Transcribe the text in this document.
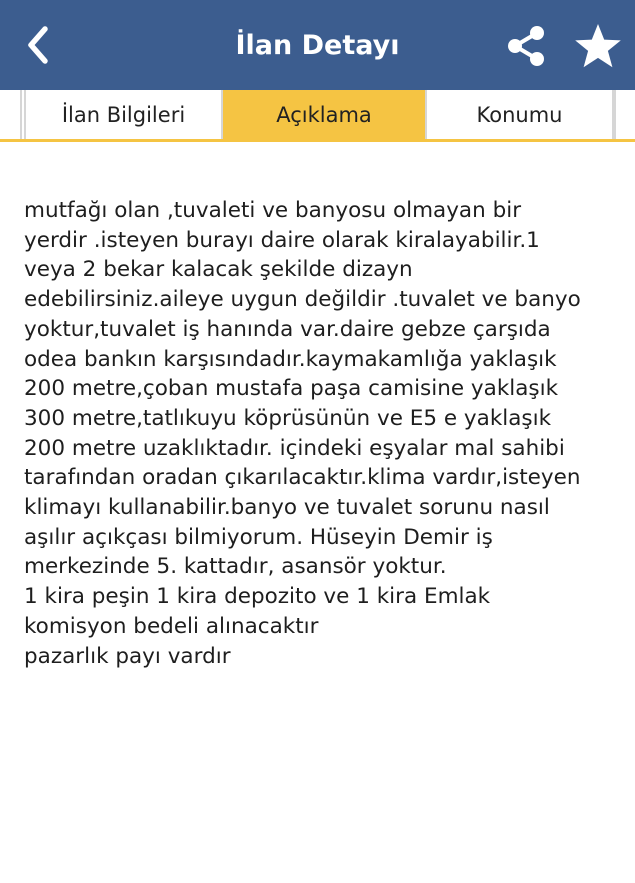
İlan Detayı
İlan Bilgileri	Açıklama	Konumu

mutfağı olan ,tuvaleti ve banyosu olmayan bir

yerdir .isteyen burayı daire olarak kiralayabilir.1

veya 2 bekar kalacak şekilde dizayn

edebilirsiniz.aileye uygun değildir .tuvalet ve banyo

yoktur,tuvalet iş hanında var.daire gebze çarşıda

odea bankın karşısındadır.kaymakamlığa yaklaşık

200 metre,çoban mustafa paşa camisine yaklaşık

300 metre,tatlıkuyu köprüsünün ve E5 e yaklaşık

200 metre uzaklıktadır. içindeki eşyalar mal sahibi

tarafından oradan çıkarılacaktır.klima vardır,isteyen

klimayı kullanabilir.banyo ve tuvalet sorunu nasıl

aşılır açıkçası bilmiyorum. Hüseyin Demir iş

merkezinde 5. kattadır, asansör yoktur.

1 kira peşin 1 kira depozito ve 1 kira Emlak

komisyon bedeli alınacaktır

pazarlık payı vardır
